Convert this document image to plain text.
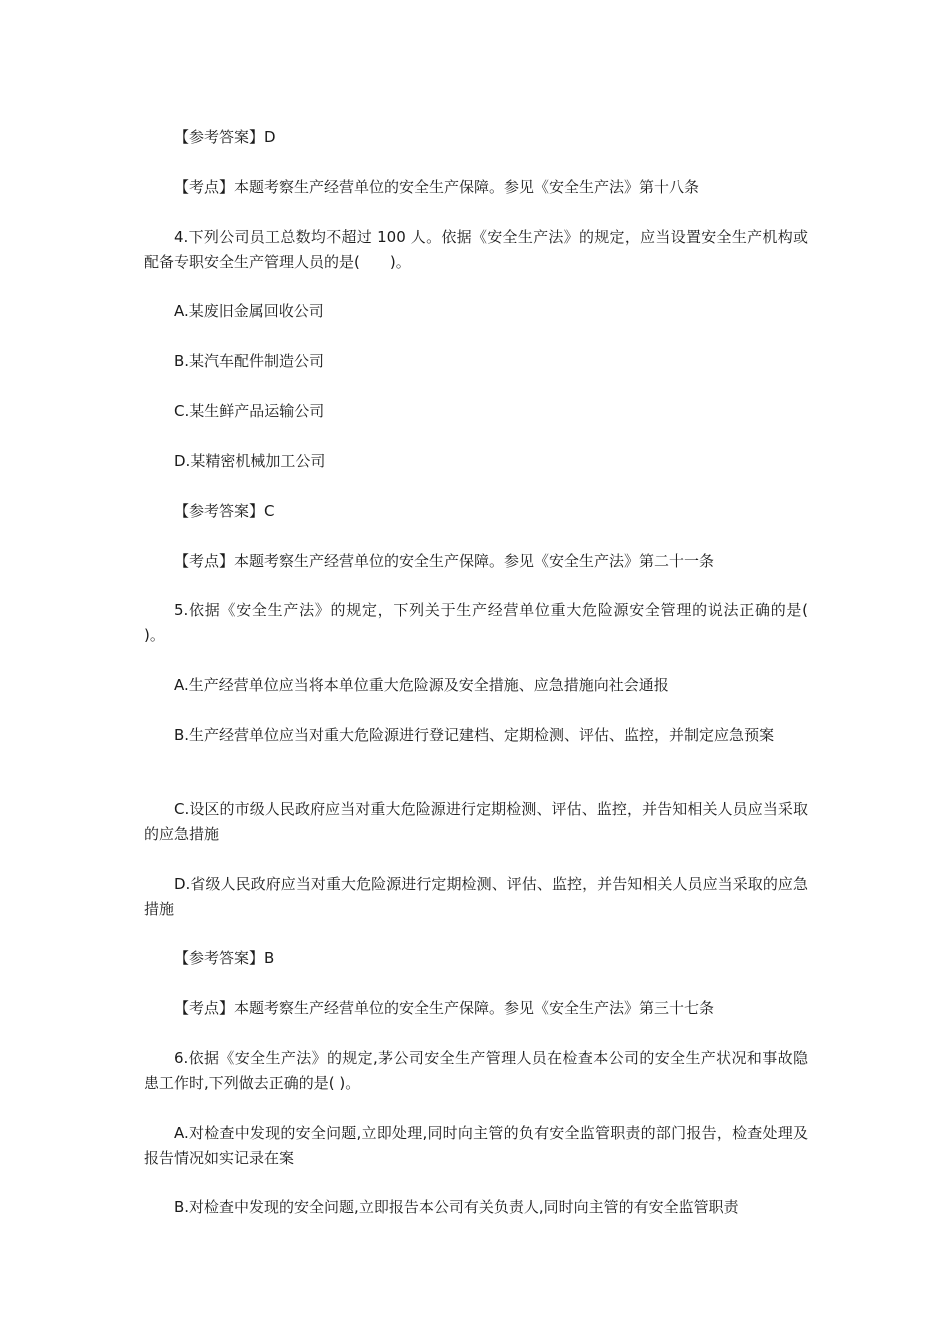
【参考答案】D

【考点】本题考察生产经营单位的安全生产保障。参见《安全生产法》第十八条

4.下列公司员工总数均不超过 100 人。依据《安全生产法》的规定，应当设置安全生产机构或配备专职安全生产管理人员的是(　　)。

A.某废旧金属回收公司

B.某汽车配件制造公司

C.某生鲜产品运输公司

D.某精密机械加工公司

【参考答案】C

【考点】本题考察生产经营单位的安全生产保障。参见《安全生产法》第二十一条

5.依据《安全生产法》的规定，下列关于生产经营单位重大危险源安全管理的说法正确的是(　　)。

A.生产经营单位应当将本单位重大危险源及安全措施、应急措施向社会通报

B.生产经营单位应当对重大危险源进行登记建档、定期检测、评估、监控，并制定应急预案

C.设区的市级人民政府应当对重大危险源进行定期检测、评估、监控，并告知相关人员应当采取的应急措施

D.省级人民政府应当对重大危险源进行定期检测、评估、监控，并告知相关人员应当采取的应急措施

【参考答案】B

【考点】本题考察生产经营单位的安全生产保障。参见《安全生产法》第三十七条

6.依据《安全生产法》的规定,茅公司安全生产管理人员在检查本公司的安全生产状况和事故隐患工作时,下列做去正确的是( )。

A.对检查中发现的安全问题,立即处理,同时向主管的负有安全监管职责的部门报告，检查处理及报告情况如实记录在案

B.对检查中发现的安全问题,立即报告本公司有关负责人,同时向主管的有安全监管职责
